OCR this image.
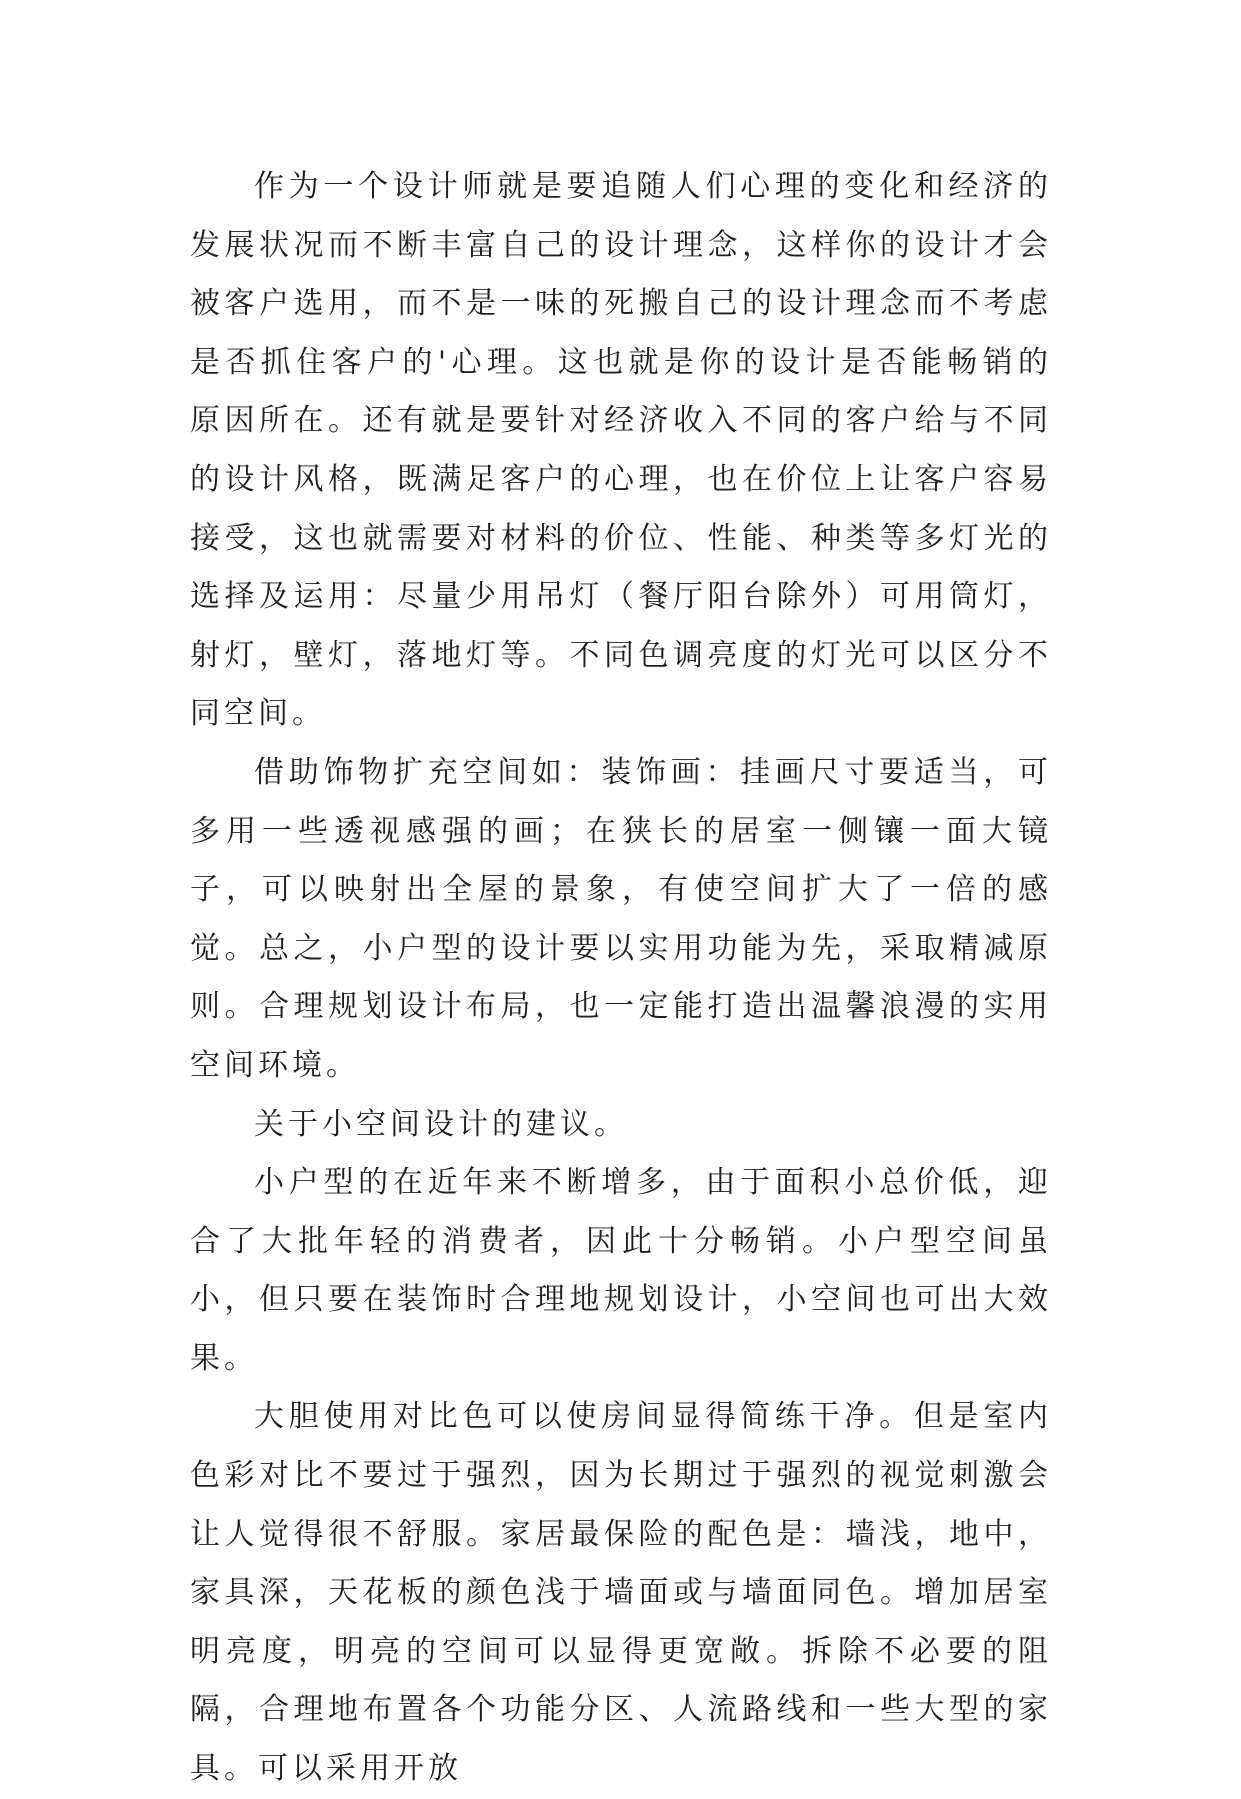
作为一个设计师就是要追随人们心理的变化和经济的发展状况而不断丰富自己的设计理念，这样你的设计才会被客户选用，而不是一味的死搬自己的设计理念而不考虑是否抓住客户的'心理。这也就是你的设计是否能畅销的原因所在。还有就是要针对经济收入不同的客户给与不同的设计风格，既满足客户的心理，也在价位上让客户容易接受，这也就需要对材料的价位、性能、种类等多灯光的选择及运用：尽量少用吊灯（餐厅阳台除外）可用筒灯，射灯，壁灯，落地灯等。不同色调亮度的灯光可以区分不同空间。

借助饰物扩充空间如：装饰画：挂画尺寸要适当，可多用一些透视感强的画；在狭长的居室一侧镶一面大镜子，可以映射出全屋的景象，有使空间扩大了一倍的感觉。总之，小户型的设计要以实用功能为先，采取精减原则。合理规划设计布局，也一定能打造出温馨浪漫的实用空间环境。

关于小空间设计的建议。

小户型的在近年来不断增多，由于面积小总价低，迎合了大批年轻的消费者，因此十分畅销。小户型空间虽小，但只要在装饰时合理地规划设计，小空间也可出大效果。

大胆使用对比色可以使房间显得简练干净。但是室内色彩对比不要过于强烈，因为长期过于强烈的视觉刺激会让人觉得很不舒服。家居最保险的配色是：墙浅，地中，家具深，天花板的颜色浅于墙面或与墙面同色。增加居室明亮度，明亮的空间可以显得更宽敞。拆除不必要的阻隔，合理地布置各个功能分区、人流路线和一些大型的家具。可以采用开放
